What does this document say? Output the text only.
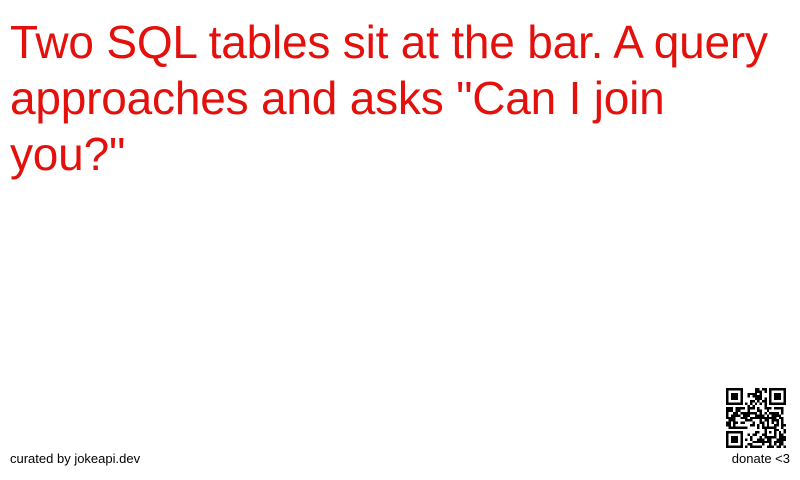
Two SQL tables sit at the bar. A query approaches and asks "Can I join you?"

curated by jokeapi.dev	donate <3
